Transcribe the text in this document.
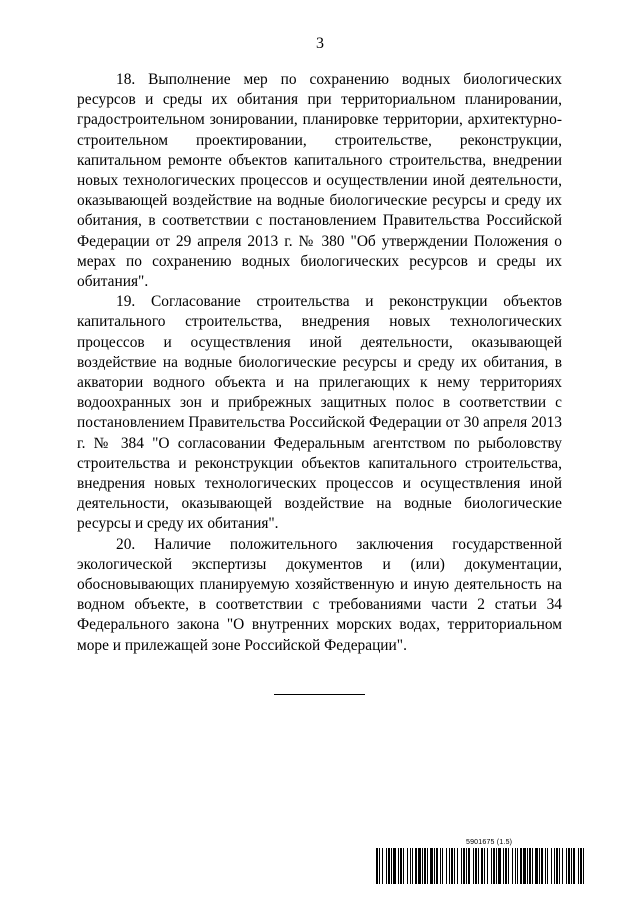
3

18. Выполнение мер по сохранению водных биологических ресурсов и среды их обитания при территориальном планировании, градостроительном зонировании, планировке территории, архитектурно-строительном проектировании, строительстве, реконструкции, капитальном ремонте объектов капитального строительства, внедрении новых технологических процессов и осуществлении иной деятельности, оказывающей воздействие на водные биологические ресурсы и среду их обитания, в соответствии с постановлением Правительства Российской Федерации от 29 апреля 2013 г. № 380 "Об утверждении Положения о мерах по сохранению водных биологических ресурсов и среды их обитания".

19. Согласование строительства и реконструкции объектов капитального строительства, внедрения новых технологических процессов и осуществления иной деятельности, оказывающей воздействие на водные биологические ресурсы и среду их обитания, в акватории водного объекта и на прилегающих к нему территориях водоохранных зон и прибрежных защитных полос в соответствии с постановлением Правительства Российской Федерации от 30 апреля 2013 г. № 384 "О согласовании Федеральным агентством по рыболовству строительства и реконструкции объектов капитального строительства, внедрения новых технологических процессов и осуществления иной деятельности, оказывающей воздействие на водные биологические ресурсы и среду их обитания".

20. Наличие положительного заключения государственной экологической экспертизы документов и (или) документации, обосновывающих планируемую хозяйственную и иную деятельность на водном объекте, в соответствии с требованиями части 2 статьи 34 Федерального закона "О внутренних морских водах, территориальном море и прилежащей зоне Российской Федерации".

5901675 (1.5)
